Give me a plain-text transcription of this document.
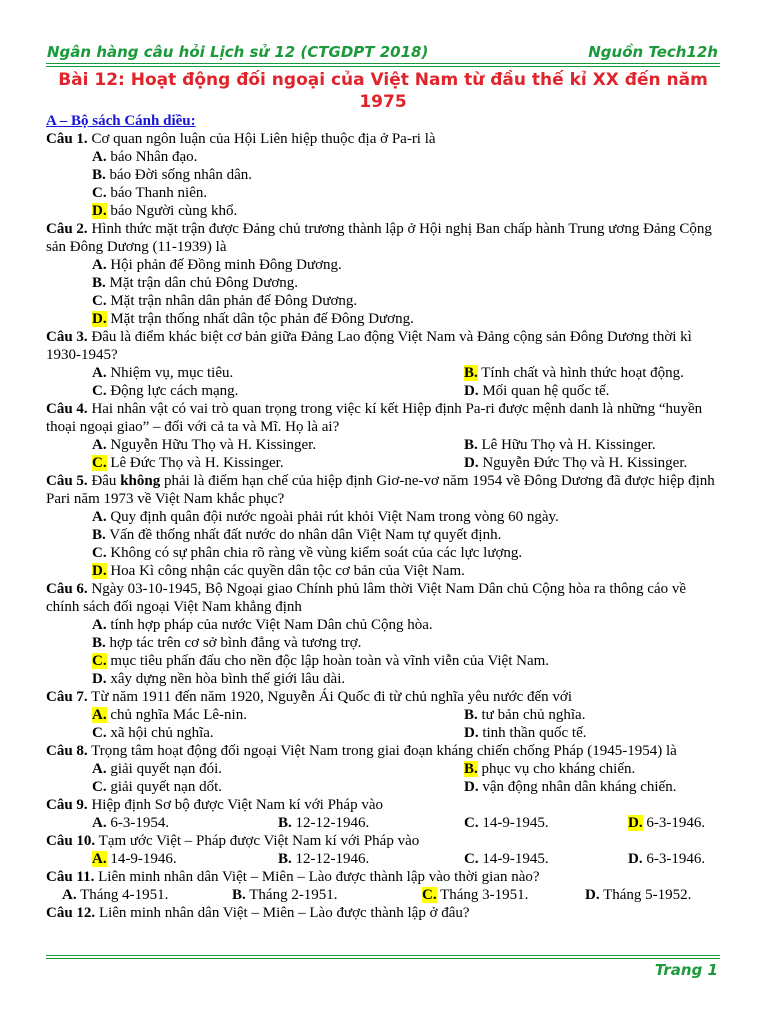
Ngân hàng câu hỏi Lịch sử 12 (CTGDPT 2018)	Nguồn Tech12h
Bài 12: Hoạt động đối ngoại của Việt Nam từ đầu thế kỉ XX đến năm 1975
A – Bộ sách Cánh diều:
Câu 1. Cơ quan ngôn luận của Hội Liên hiệp thuộc địa ở Pa-ri là
A. báo Nhân đạo.
B. báo Đời sống nhân dân.
C. báo Thanh niên.
D. báo Người cùng khổ.
Câu 2. Hình thức mặt trận được Đảng chủ trương thành lập ở Hội nghị Ban chấp hành Trung ương Đảng Cộng sản Đông Dương (11-1939) là
A. Hội phản đế Đồng minh Đông Dương.
B. Mặt trận dân chủ Đông Dương.
C. Mặt trận nhân dân phản đế Đông Dương.
D. Mặt trận thống nhất dân tộc phản đế Đông Dương.
Câu 3. Đâu là điểm khác biệt cơ bản giữa Đảng Lao động Việt Nam và Đảng cộng sản Đông Dương thời kì 1930-1945?
A. Nhiệm vụ, mục tiêu.	B. Tính chất và hình thức hoạt động.
C. Động lực cách mạng.	D. Mối quan hệ quốc tế.
Câu 4. Hai nhân vật có vai trò quan trọng trong việc kí kết Hiệp định Pa-ri được mệnh danh là những “huyền thoại ngoại giao” – đối với cả ta và Mĩ. Họ là ai?
A. Nguyễn Hữu Thọ và H. Kissinger.	B. Lê Hữu Thọ và H. Kissinger.
C. Lê Đức Thọ và H. Kissinger.	D. Nguyễn Đức Thọ và H. Kissinger.
Câu 5. Đâu không phải là điểm hạn chế của hiệp định Giơ-ne-vơ năm 1954 về Đông Dương đã được hiệp định Pari năm 1973 về Việt Nam khắc phục?
A. Quy định quân đội nước ngoài phải rút khỏi Việt Nam trong vòng 60 ngày.
B. Vấn đề thống nhất đất nước do nhân dân Việt Nam tự quyết định.
C. Không có sự phân chia rõ ràng về vùng kiểm soát của các lực lượng.
D. Hoa Kì công nhận các quyền dân tộc cơ bản của Việt Nam.
Câu 6. Ngày 03-10-1945, Bộ Ngoại giao Chính phủ lâm thời Việt Nam Dân chủ Cộng hòa ra thông cáo về chính sách đối ngoại Việt Nam khẳng định
A. tính hợp pháp của nước Việt Nam Dân chủ Cộng hòa.
B. hợp tác trên cơ sở bình đẳng và tương trợ.
C. mục tiêu phấn đấu cho nền độc lập hoàn toàn và vĩnh viễn của Việt Nam.
D. xây dựng nền hòa bình thế giới lâu dài.
Câu 7. Từ năm 1911 đến năm 1920, Nguyễn Ái Quốc đi từ chủ nghĩa yêu nước đến với
A. chủ nghĩa Mác Lê-nin.	B. tư bản chủ nghĩa.
C. xã hội chủ nghĩa.	D. tinh thần quốc tế.
Câu 8. Trọng tâm hoạt động đối ngoại Việt Nam trong giai đoạn kháng chiến chống Pháp (1945-1954) là
A. giải quyết nạn đói.	B. phục vụ cho kháng chiến.
C. giải quyết nạn dốt.	D. vận động nhân dân kháng chiến.
Câu 9. Hiệp định Sơ bộ được Việt Nam kí với Pháp vào
A. 6-3-1954.	B. 12-12-1946.	C. 14-9-1945.	D. 6-3-1946.
Câu 10. Tạm ước Việt – Pháp được Việt Nam kí với Pháp vào
A. 14-9-1946.	B. 12-12-1946.	C. 14-9-1945.	D. 6-3-1946.
Câu 11. Liên minh nhân dân Việt – Miên – Lào được thành lập vào thời gian nào?
A. Tháng 4-1951.	B. Tháng 2-1951.	C. Tháng 3-1951.	D. Tháng 5-1952.
Câu 12. Liên minh nhân dân Việt – Miên – Lào được thành lập ở đâu?
Trang 1
